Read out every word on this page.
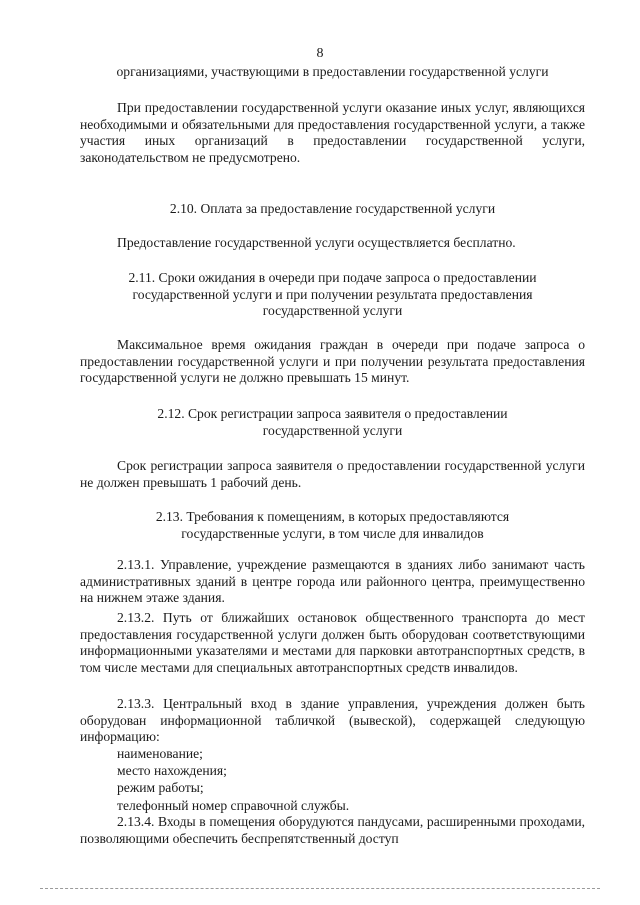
8
организациями, участвующими в предоставлении государственной услуги
При предоставлении государственной услуги оказание иных услуг, являющихся необходимыми и обязательными для предоставления государственной услуги, а также участия иных организаций в предоставлении государственной услуги, законодательством не предусмотрено.
2.10. Оплата за предоставление государственной услуги
Предоставление государственной услуги осуществляется бесплатно.
2.11. Сроки ожидания в очереди при подаче запроса о предоставлении государственной услуги и при получении результата предоставления государственной услуги
Максимальное время ожидания граждан в очереди при подаче запроса о предоставлении государственной услуги и при получении результата предоставления государственной услуги не должно превышать 15 минут.
2.12. Срок регистрации запроса заявителя о предоставлении государственной услуги
Срок регистрации запроса заявителя о предоставлении государственной услуги не должен превышать 1 рабочий день.
2.13. Требования к помещениям, в которых предоставляются государственные услуги, в том числе для инвалидов
2.13.1. Управление, учреждение размещаются в зданиях либо занимают часть административных зданий в центре города или районного центра, преимущественно на нижнем этаже здания.
2.13.2. Путь от ближайших остановок общественного транспорта до мест предоставления государственной услуги должен быть оборудован соответствующими информационными указателями и местами для парковки автотранспортных средств, в том числе местами для специальных автотранспортных средств инвалидов.
2.13.3. Центральный вход в здание управления, учреждения должен быть оборудован информационной табличкой (вывеской), содержащей следующую информацию:
наименование;
место нахождения;
режим работы;
телефонный номер справочной службы.
2.13.4. Входы в помещения оборудуются пандусами, расширенными проходами, позволяющими обеспечить беспрепятственный доступ
